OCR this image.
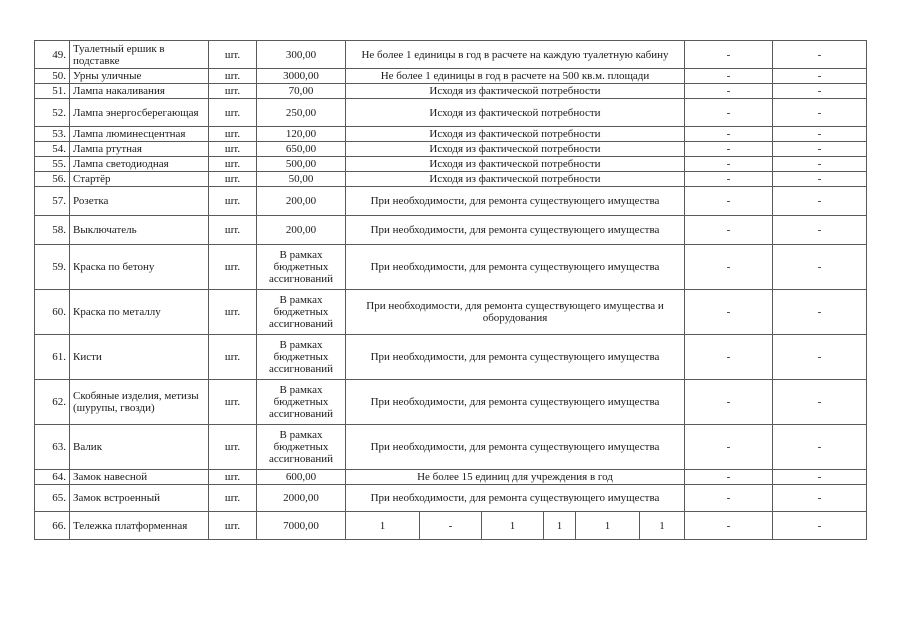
49.	Туалетный ершик в подставке	шт.	300,00	Не более 1 единицы в год в расчете на каждую туалетную кабину						-	-
50.	Урны уличные	шт.	3000,00	Не более 1 единицы в год в расчете на 500 кв.м. площади						-	-
51.	Лампа накаливания	шт.	70,00	Исходя из фактической потребности						-	-
52.	Лампа энергосберегающая	шт.	250,00	Исходя из фактической потребности						-	-
53.	Лампа люминесцентная	шт.	120,00	Исходя из фактической потребности						-	-
54.	Лампа ртутная	шт.	650,00	Исходя из фактической потребности						-	-
55.	Лампа светодиодная	шт.	500,00	Исходя из фактической потребности						-	-
56.	Стартёр	шт.	50,00	Исходя из фактической потребности						-	-
57.	Розетка	шт.	200,00	При необходимости, для ремонта существующего имущества						-	-
58.	Выключатель	шт.	200,00	При необходимости, для ремонта существующего имущества						-	-
59.	Краска по бетону	шт.	В рамках бюджетных ассигнований	При необходимости, для ремонта существующего имущества						-	-
60.	Краска по металлу	шт.	В рамках бюджетных ассигнований	При необходимости, для ремонта существующего имущества и оборудования						-	-
61.	Кисти	шт.	В рамках бюджетных ассигнований	При необходимости, для ремонта существующего имущества						-	-
62.	Скобяные изделия, метизы (шурупы, гвозди)	шт.	В рамках бюджетных ассигнований	При необходимости, для ремонта существующего имущества						-	-
63.	Валик	шт.	В рамках бюджетных ассигнований	При необходимости, для ремонта существующего имущества						-	-
64.	Замок навесной	шт.	600,00	Не более 15 единиц для учреждения в год						-	-
65.	Замок встроенный	шт.	2000,00	При необходимости, для ремонта существующего имущества						-	-
66.	Тележка платформенная	шт.	7000,00	1	-	1	1	1	1	-	-
